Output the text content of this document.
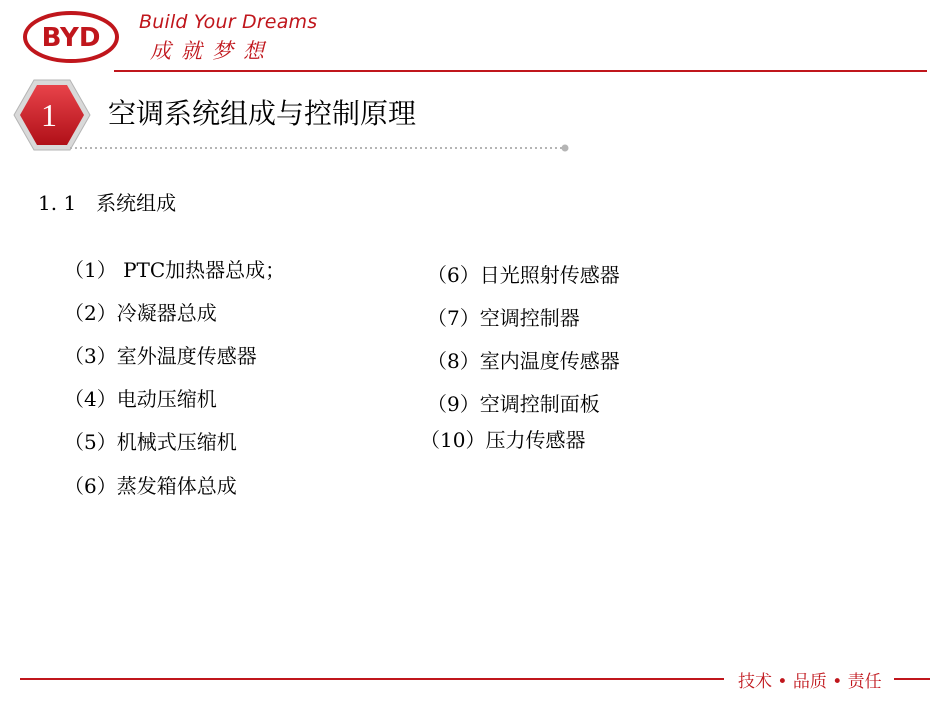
BYD
Build Your Dreams
成就梦想
1	空调系统组成与控制原理
1. 1　系统组成
（1） PTC加热器总成；
（2）冷凝器总成
（3）室外温度传感器
（4）电动压缩机
（5）机械式压缩机
（6）蒸发箱体总成
（6）日光照射传感器
（7）空调控制器
（8）室内温度传感器
（9）空调控制面板
（10）压力传感器
技术 • 品质 • 责任
